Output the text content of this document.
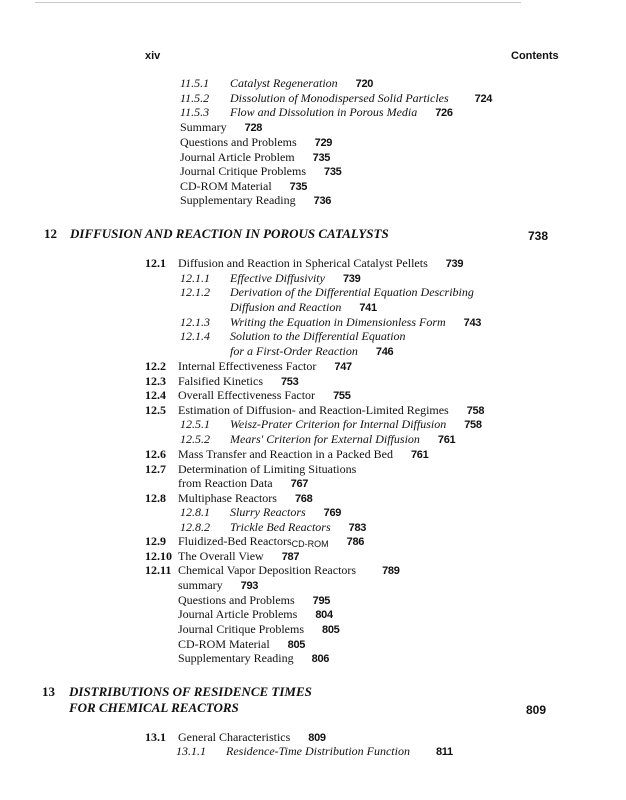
xiv	Contents
11.5.1 Catalyst Regeneration 720
11.5.2 Dissolution of Monodispersed Solid Particles 724
11.5.3 Flow and Dissolution in Porous Media 726
Summary 728
Questions and Problems 729
Journal Article Problem 735
Journal Critique Problems 735
CD-ROM Material 735
Supplementary Reading 736
12 DIFFUSION AND REACTION IN POROUS CATALYSTS	738
12.1 Diffusion and Reaction in Spherical Catalyst Pellets 739
12.1.1 Effective Diffusivity 739
12.1.2 Derivation of the Differential Equation Describing
Diffusion and Reaction 741
12.1.3 Writing the Equation in Dimensionless Form 743
12.1.4 Solution to the Differential Equation
for a First-Order Reaction 746
12.2 Internal Effectiveness Factor 747
12.3 Falsified Kinetics 753
12.4 Overall Effectiveness Factor 755
12.5 Estimation of Diffusion- and Reaction-Limited Regimes 758
12.5.1 Weisz-Prater Criterion for Internal Diffusion 758
12.5.2 Mears' Criterion for External Diffusion 761
12.6 Mass Transfer and Reaction in a Packed Bed 761
12.7 Determination of Limiting Situations
from Reaction Data 767
12.8 Multiphase Reactors 768
12.8.1 Slurry Reactors 769
12.8.2 Trickle Bed Reactors 783
12.9 Fluidized-Bed ReactorsCD-ROM 786
12.10 The Overall View 787
12.11 Chemical Vapor Deposition Reactors 789
summary 793
Questions and Problems 795
Journal Article Problems 804
Journal Critique Problems 805
CD-ROM Material 805
Supplementary Reading 806
13 DISTRIBUTIONS OF RESIDENCE TIMES
FOR CHEMICAL REACTORS	809
13.1 General Characteristics 809
13.1.1 Residence-Time Distribution Function 811
